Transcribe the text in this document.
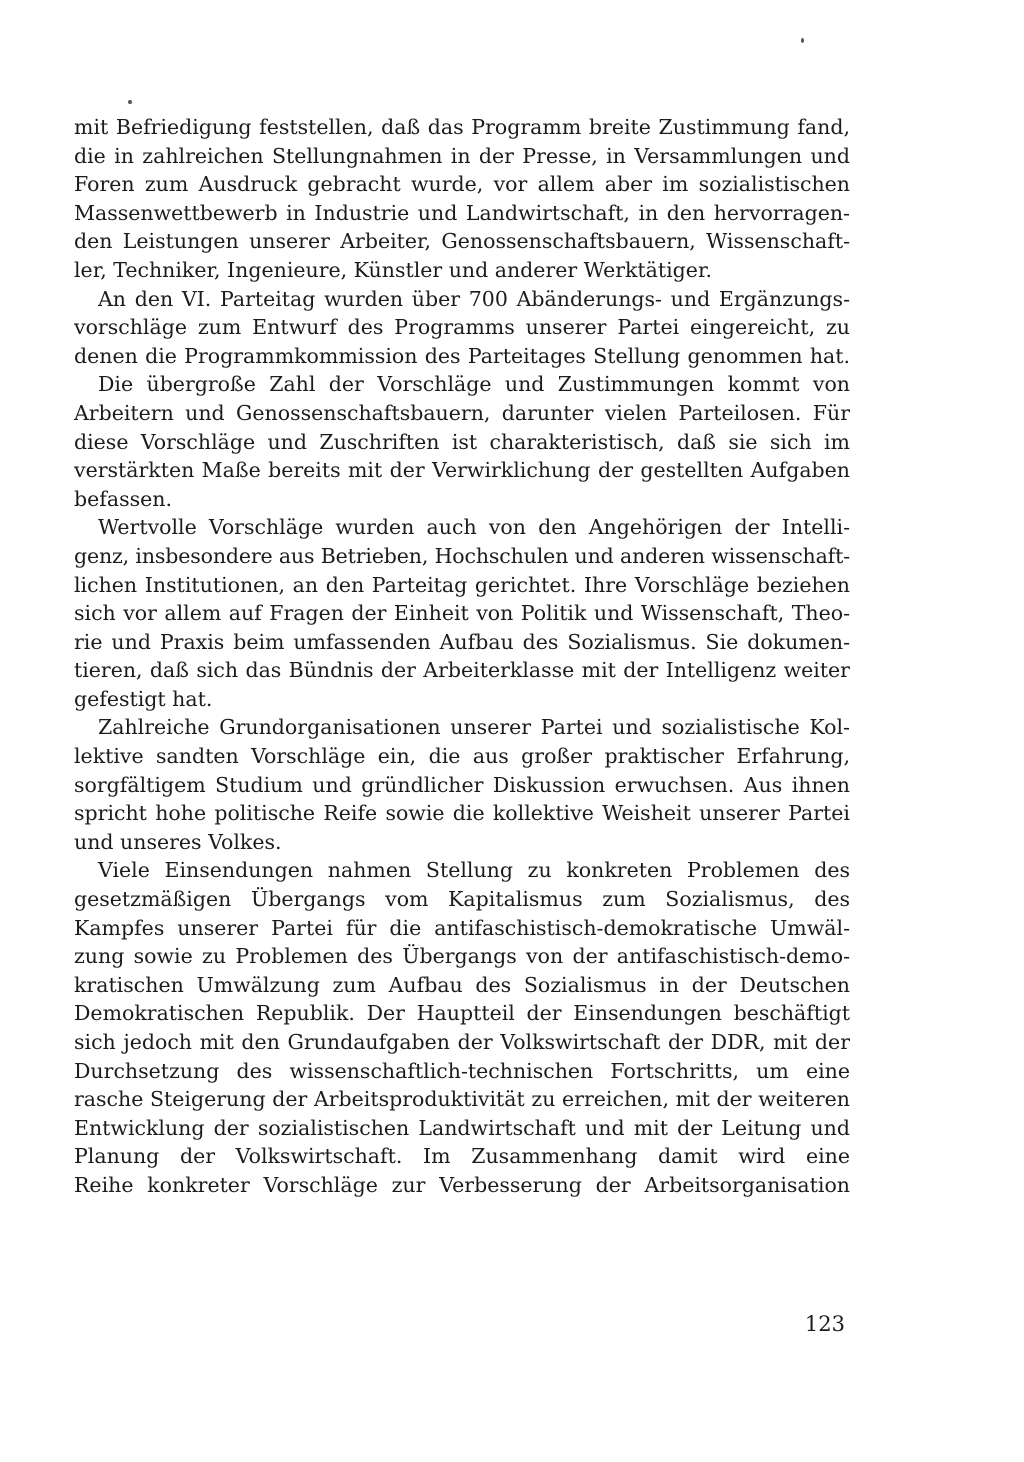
mit Befriedigung feststellen, daß das Programm breite Zustimmung fand,
die in zahlreichen Stellungnahmen in der Presse, in Versammlungen und
Foren zum Ausdruck gebracht wurde, vor allem aber im sozialistischen
Massenwettbewerb in Industrie und Landwirtschaft, in den hervorragen-
den Leistungen unserer Arbeiter, Genossenschaftsbauern, Wissenschaft-
ler, Techniker, Ingenieure, Künstler und anderer Werktätiger.
An den VI. Parteitag wurden über 700 Abänderungs- und Ergänzungs-
vorschläge zum Entwurf des Programms unserer Partei eingereicht, zu
denen die Programmkommission des Parteitages Stellung genommen hat.
Die übergroße Zahl der Vorschläge und Zustimmungen kommt von
Arbeitern und Genossenschaftsbauern, darunter vielen Parteilosen. Für
diese Vorschläge und Zuschriften ist charakteristisch, daß sie sich im
verstärkten Maße bereits mit der Verwirklichung der gestellten Aufgaben
befassen.
Wertvolle Vorschläge wurden auch von den Angehörigen der Intelli-
genz, insbesondere aus Betrieben, Hochschulen und anderen wissenschaft-
lichen Institutionen, an den Parteitag gerichtet. Ihre Vorschläge beziehen
sich vor allem auf Fragen der Einheit von Politik und Wissenschaft, Theo-
rie und Praxis beim umfassenden Aufbau des Sozialismus. Sie dokumen-
tieren, daß sich das Bündnis der Arbeiterklasse mit der Intelligenz weiter
gefestigt hat.
Zahlreiche Grundorganisationen unserer Partei und sozialistische Kol-
lektive sandten Vorschläge ein, die aus großer praktischer Erfahrung,
sorgfältigem Studium und gründlicher Diskussion erwuchsen. Aus ihnen
spricht hohe politische Reife sowie die kollektive Weisheit unserer Partei
und unseres Volkes.
Viele Einsendungen nahmen Stellung zu konkreten Problemen des
gesetzmäßigen Übergangs vom Kapitalismus zum Sozialismus, des
Kampfes unserer Partei für die antifaschistisch-demokratische Umwäl-
zung sowie zu Problemen des Übergangs von der antifaschistisch-demo-
kratischen Umwälzung zum Aufbau des Sozialismus in der Deutschen
Demokratischen Republik. Der Hauptteil der Einsendungen beschäftigt
sich jedoch mit den Grundaufgaben der Volkswirtschaft der DDR, mit der
Durchsetzung des wissenschaftlich-technischen Fortschritts, um eine
rasche Steigerung der Arbeitsproduktivität zu erreichen, mit der weiteren
Entwicklung der sozialistischen Landwirtschaft und mit der Leitung und
Planung der Volkswirtschaft. Im Zusammenhang damit wird eine
Reihe konkreter Vorschläge zur Verbesserung der Arbeitsorganisation
123
